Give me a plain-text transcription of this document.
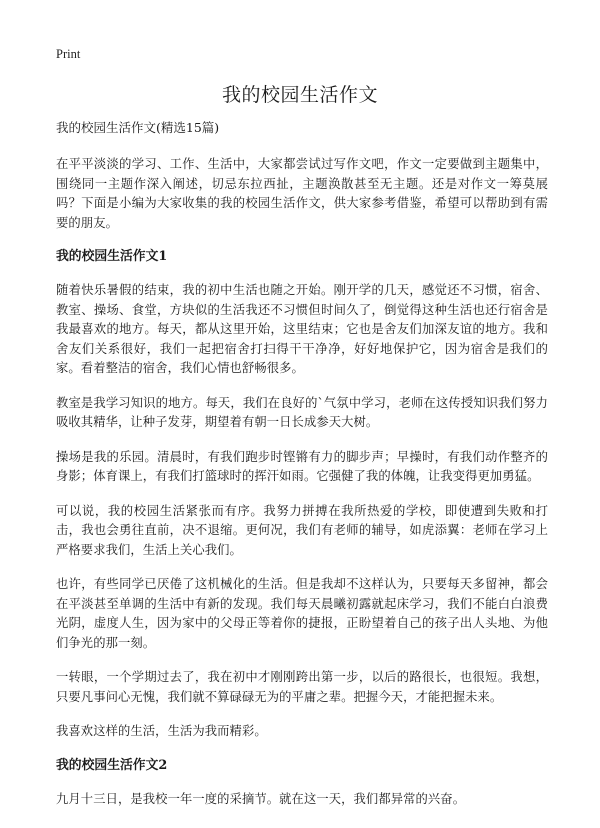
Print
我的校园生活作文

我的校园生活作文(精选15篇)

在平平淡淡的学习、工作、生活中，大家都尝试过写作文吧，作文一定要做到主题集中，围绕同一主题作深入阐述，切忌东拉西扯，主题涣散甚至无主题。还是对作文一筹莫展吗？下面是小编为大家收集的我的校园生活作文，供大家参考借鉴，希望可以帮助到有需要的朋友。

我的校园生活作文1

随着快乐暑假的结束，我的初中生活也随之开始。刚开学的几天，感觉还不习惯，宿舍、教室、操场、食堂，方块似的生活我还不习惯但时间久了，倒觉得这种生活也还行宿舍是我最喜欢的地方。每天，都从这里开始，这里结束；它也是舍友们加深友谊的地方。我和舍友们关系很好，我们一起把宿舍打扫得干干净净，好好地保护它，因为宿舍是我们的家。看着整洁的宿舍，我们心情也舒畅很多。

教室是我学习知识的地方。每天，我们在良好的`气氛中学习，老师在这传授知识我们努力吸收其精华，让种子发芽，期望着有朝一日长成参天大树。

操场是我的乐园。清晨时，有我们跑步时铿锵有力的脚步声；早操时，有我们动作整齐的身影；体育课上，有我们打篮球时的挥汗如雨。它强健了我的体魄，让我变得更加勇猛。

可以说，我的校园生活紧张而有序。我努力拼搏在我所热爱的学校，即使遭到失败和打击，我也会勇往直前，决不退缩。更何况，我们有老师的辅导，如虎添翼：老师在学习上严格要求我们，生活上关心我们。

也许，有些同学已厌倦了这机械化的生活。但是我却不这样认为，只要每天多留神，都会在平淡甚至单调的生活中有新的发现。我们每天晨曦初露就起床学习，我们不能白白浪费光阴，虚度人生，因为家中的父母正等着你的捷报，正盼望着自己的孩子出人头地、为他们争光的那一刻。

一转眼，一个学期过去了，我在初中才刚刚跨出第一步，以后的路很长，也很短。我想，只要凡事问心无愧，我们就不算碌碌无为的平庸之辈。把握今天，才能把握未来。

我喜欢这样的生活，生活为我而精彩。

我的校园生活作文2

九月十三日，是我校一年一度的采摘节。就在这一天，我们都异常的兴奋。
